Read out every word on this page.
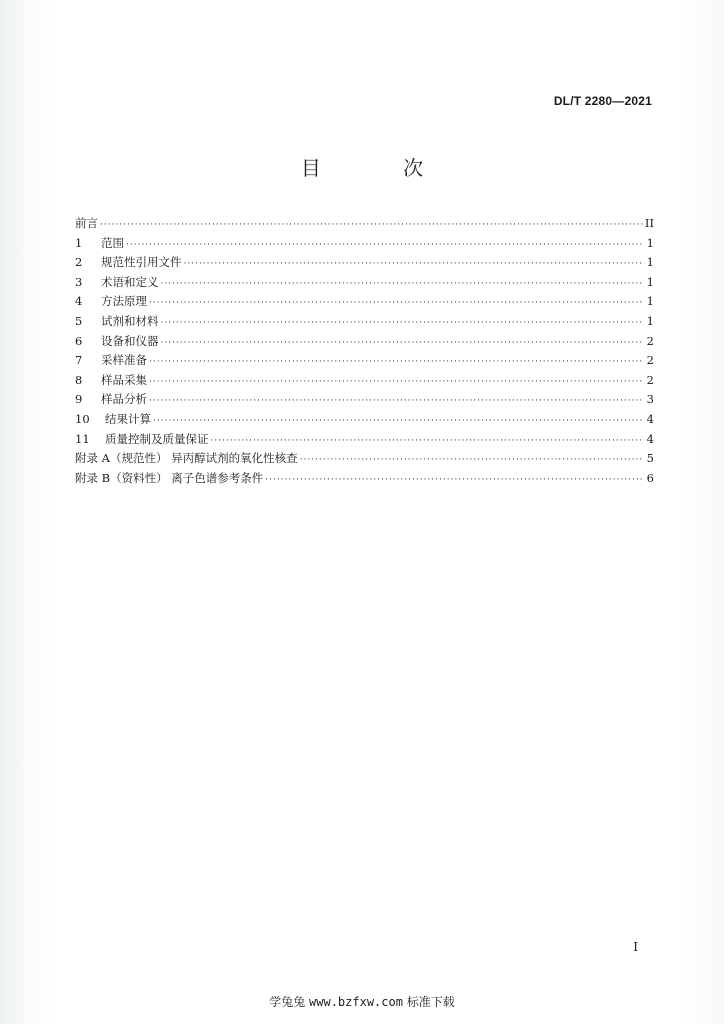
DL/T 2280—2021
目 次
前言 ·····	II
1	范围 ·····	1
2	规范性引用文件 ·····	1
3	术语和定义 ·····	1
4	方法原理 ·····	1
5	试剂和材料 ·····	1
6	设备和仪器 ·····	2
7	采样准备 ·····	2
8	样品采集 ·····	2
9	样品分析 ·····	3
10	结果计算 ·····	4
11	质量控制及质量保证 ·····	4
附录 A（规范性） 异丙醇试剂的氧化性核查 ·····	5
附录 B（资料性） 离子色谱参考条件 ·····	6
I
学兔兔 www.bzfxw.com 标准下载
